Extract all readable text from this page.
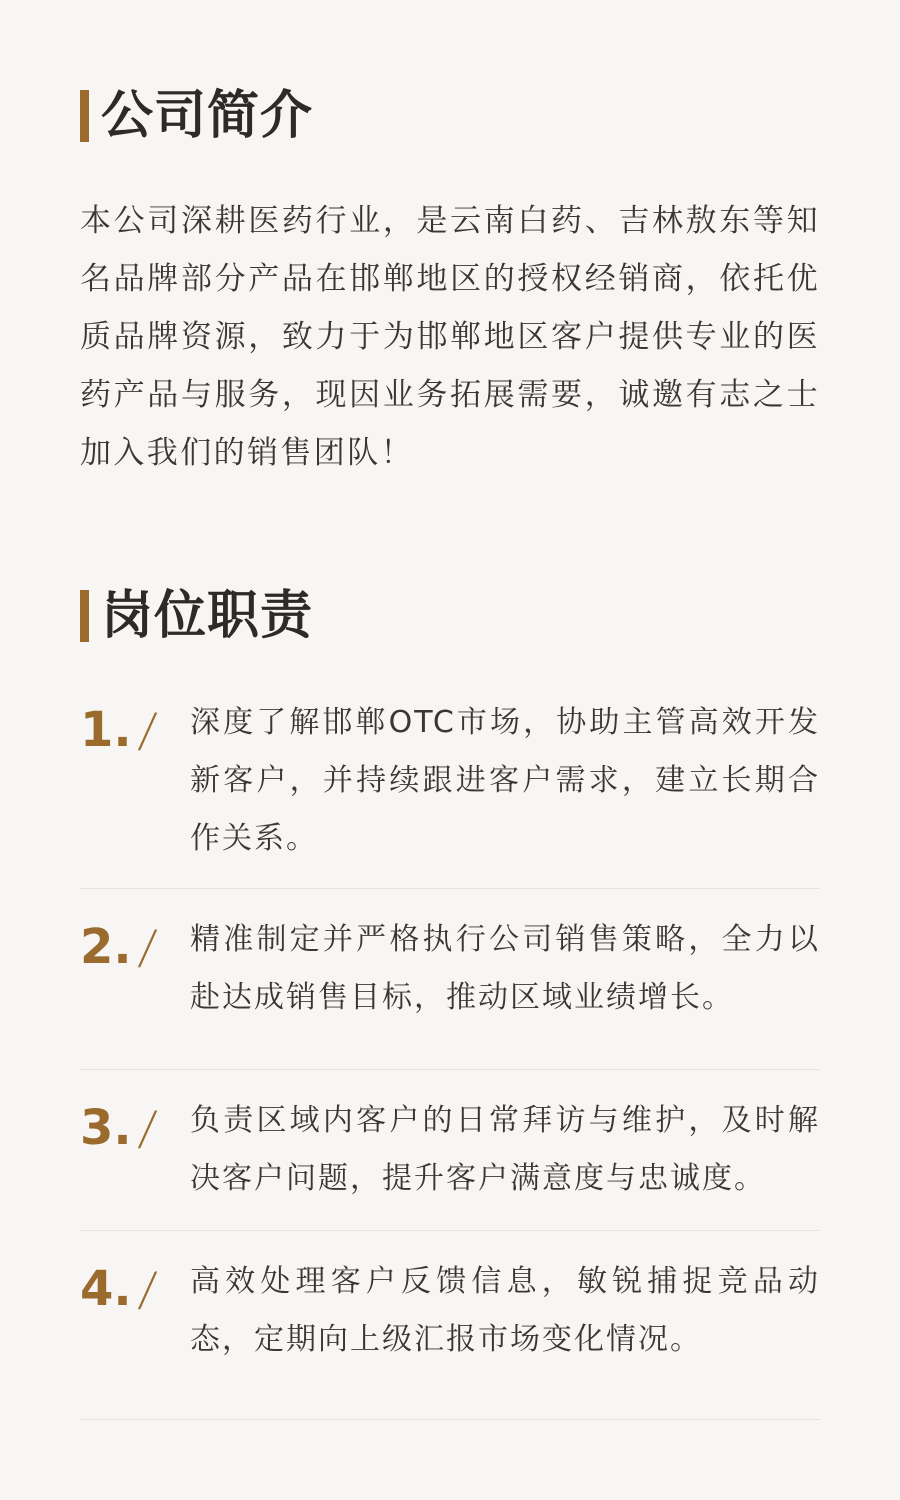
公司简介
本公司深耕医药行业，是云南白药、吉林敖东等知名品牌部分产品在邯郸地区的授权经销商，依托优质品牌资源，致力于为邯郸地区客户提供专业的医药产品与服务，现因业务拓展需要，诚邀有志之士加入我们的销售团队！
岗位职责
1. / 深度了解邯郸OTC市场，协助主管高效开发新客户，并持续跟进客户需求，建立长期合作关系。
2. / 精准制定并严格执行公司销售策略，全力以赴达成销售目标，推动区域业绩增长。
3. / 负责区域内客户的日常拜访与维护，及时解决客户问题，提升客户满意度与忠诚度。
4. / 高效处理客户反馈信息，敏锐捕捉竞品动态，定期向上级汇报市场变化情况。
